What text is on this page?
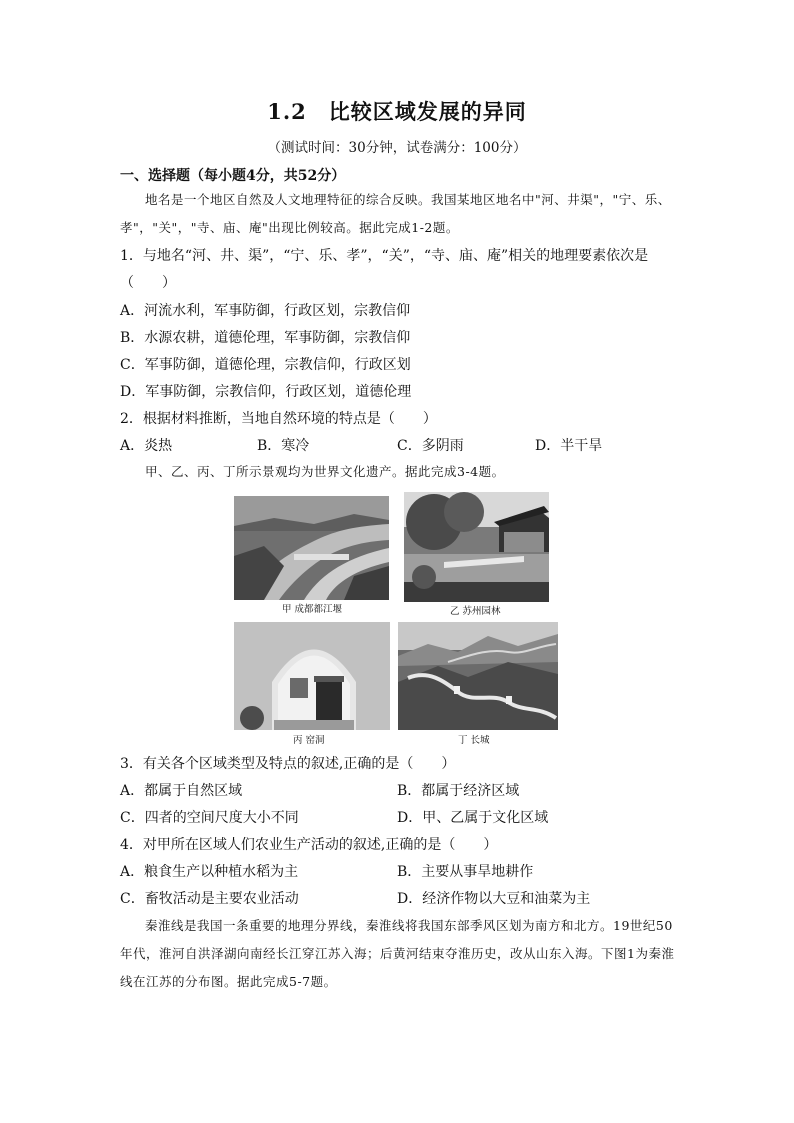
1.2　比较区域发展的异同
（测试时间：30分钟，试卷满分：100分）
一、选择题（每小题4分，共52分）
地名是一个地区自然及人文地理特征的综合反映。我国某地区地名中"河、井渠"，"宁、乐、孝"，"关"，"寺、庙、庵"出现比例较高。据此完成1-2题。
1．与地名“河、井、渠”，“宁、乐、孝”，“关”，“寺、庙、庵”相关的地理要素依次是
（　　）
A．河流水利，军事防御，行政区划，宗教信仰
B．水源农耕，道德伦理，军事防御，宗教信仰
C．军事防御，道德伦理，宗教信仰，行政区划
D．军事防御，宗教信仰，行政区划，道德伦理
2．根据材料推断，当地自然环境的特点是（　　）
A．炎热	B．寒冷	C．多阴雨	D．半干旱
甲、乙、丙、丁所示景观均为世界文化遗产。据此完成3-4题。
甲 成都都江堰	乙 苏州园林
丙 窑洞	丁 长城
3．有关各个区域类型及特点的叙述,正确的是（　　）
A．都属于自然区域	B．都属于经济区域
C．四者的空间尺度大小不同	D．甲、乙属于文化区域
4．对甲所在区域人们农业生产活动的叙述,正确的是（　　）
A．粮食生产以种植水稻为主	B．主要从事旱地耕作
C．畜牧活动是主要农业活动	D．经济作物以大豆和油菜为主
秦淮线是我国一条重要的地理分界线，秦淮线将我国东部季风区划为南方和北方。19世纪50年代，淮河自洪泽湖向南经长江穿江苏入海；后黄河结束夺淮历史，改从山东入海。下图1为秦淮线在江苏的分布图。据此完成5-7题。
